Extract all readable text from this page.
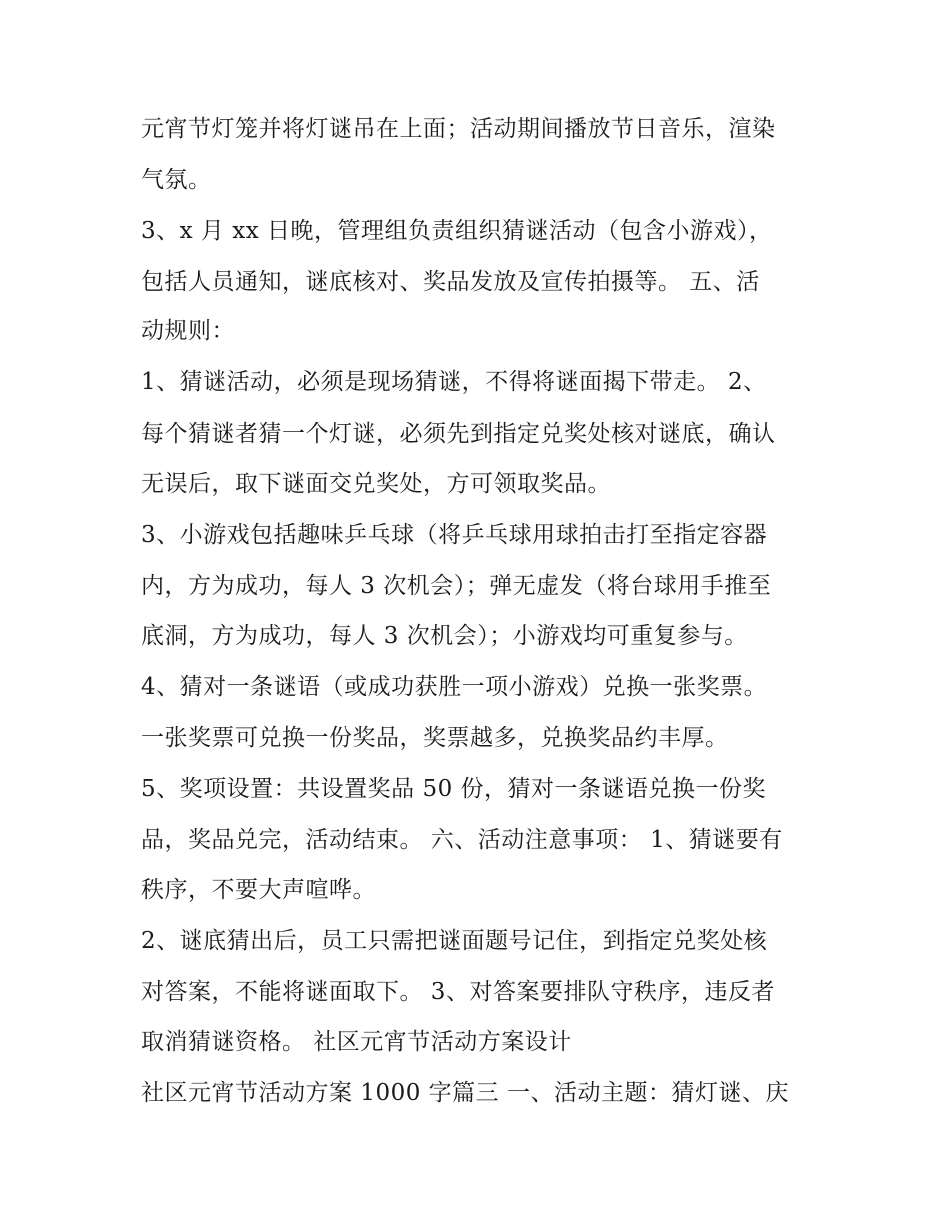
元宵节灯笼并将灯谜吊在上面；活动期间播放节日音乐，渲染
气氛。
3、x 月 xx 日晚，管理组负责组织猜谜活动（包含小游戏），
包括人员通知，谜底核对、奖品发放及宣传拍摄等。 五、活
动规则：
1、猜谜活动，必须是现场猜谜，不得将谜面揭下带走。 2、
每个猜谜者猜一个灯谜，必须先到指定兑奖处核对谜底，确认
无误后，取下谜面交兑奖处，方可领取奖品。
3、小游戏包括趣味乒乓球（将乒乓球用球拍击打至指定容器
内，方为成功，每人 3 次机会）；弹无虚发（将台球用手推至
底洞，方为成功，每人 3 次机会）；小游戏均可重复参与。
4、猜对一条谜语（或成功获胜一项小游戏）兑换一张奖票。
一张奖票可兑换一份奖品，奖票越多，兑换奖品约丰厚。
5、奖项设置：共设置奖品 50 份，猜对一条谜语兑换一份奖
品，奖品兑完，活动结束。 六、活动注意事项： 1、猜谜要有
秩序，不要大声喧哗。
2、谜底猜出后，员工只需把谜面题号记住，到指定兑奖处核
对答案，不能将谜面取下。 3、对答案要排队守秩序，违反者
取消猜谜资格。 社区元宵节活动方案设计
社区元宵节活动方案 1000 字篇三 一、活动主题：猜灯谜、庆
